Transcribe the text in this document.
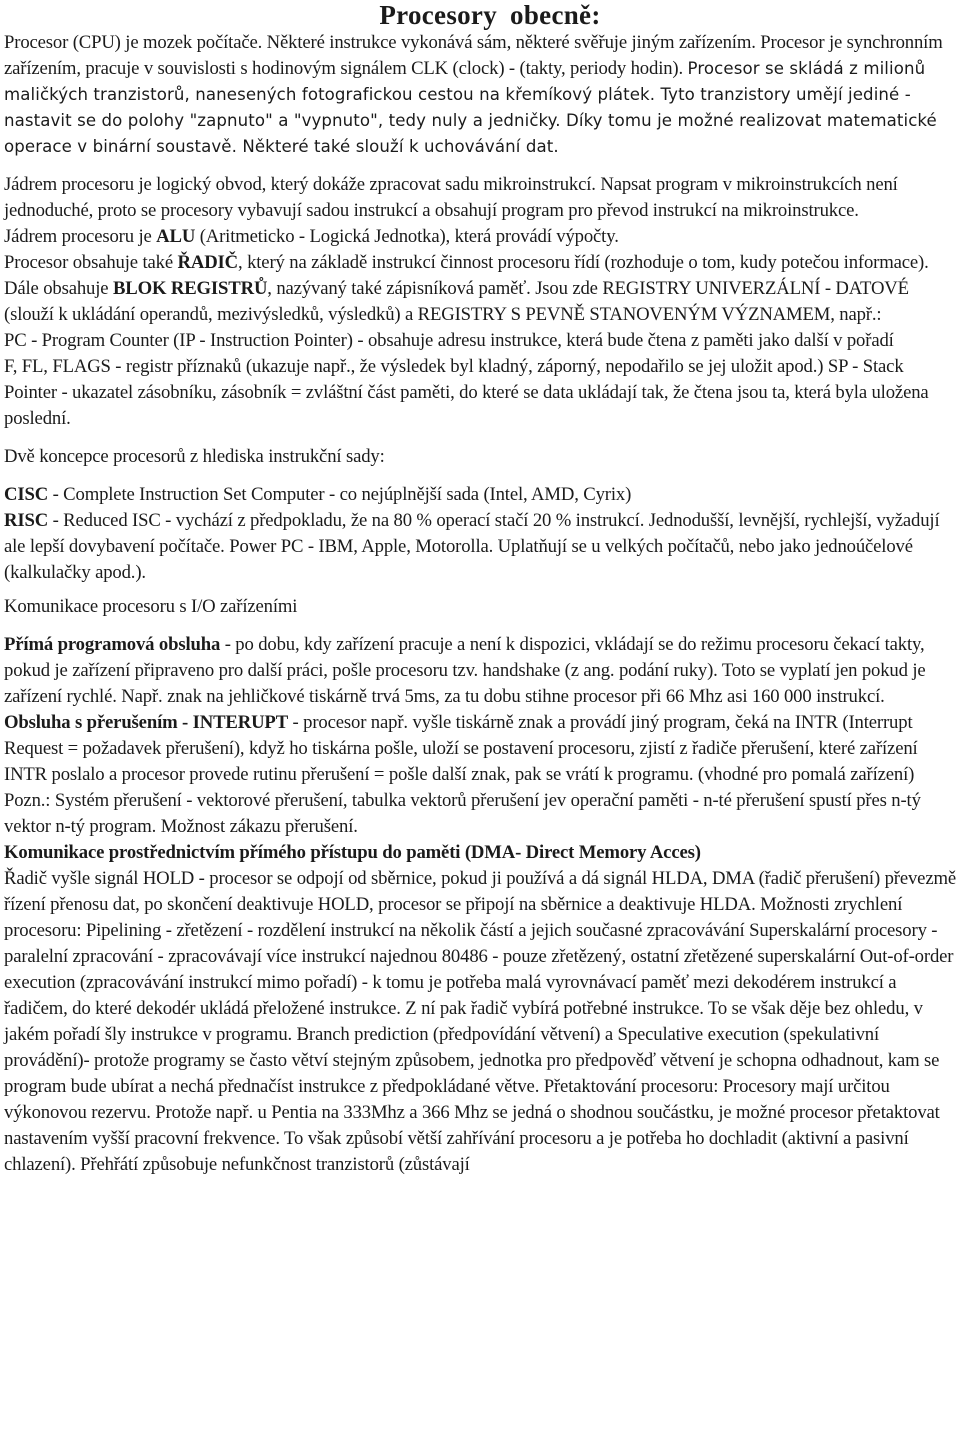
Procesory obecně:

Procesor (CPU) je mozek počítače. Některé instrukce vykonává sám, některé svěřuje jiným zařízením. Procesor je synchronním zařízením, pracuje v souvislosti s hodinovým signálem CLK (clock) - (takty, periody hodin). Procesor se skládá z milionů maličkých tranzistorů, nanesených fotografickou cestou na křemíkový plátek. Tyto tranzistory umějí jediné - nastavit se do polohy "zapnuto" a "vypnuto", tedy nuly a jedničky. Díky tomu je možné realizovat matematické operace v binární soustavě. Některé také slouží k uchovávání dat.

Jádrem procesoru je logický obvod, který dokáže zpracovat sadu mikroinstrukcí. Napsat program v mikroinstrukcích není jednoduché, proto se procesory vybavují sadou instrukcí a obsahují program pro převod instrukcí na mikroinstrukce.

Jádrem procesoru je ALU (Aritmeticko - Logická Jednotka), která provádí výpočty.

Procesor obsahuje také ŘADIČ, který na základě instrukcí činnost procesoru řídí (rozhoduje o tom, kudy potečou informace). Dále obsahuje BLOK REGISTRŮ, nazývaný také zápisníková paměť. Jsou zde REGISTRY UNIVERZÁLNÍ - DATOVÉ (slouží k ukládání operandů, mezivýsledků, výsledků) a REGISTRY S PEVNĚ STANOVENÝM VÝZNAMEM, např.:

PC - Program Counter (IP - Instruction Pointer) - obsahuje adresu instrukce, která bude čtena z paměti jako další v pořadí

F, FL, FLAGS - registr příznaků (ukazuje např., že výsledek byl kladný, záporný, nepodařilo se jej uložit apod.) SP - Stack Pointer - ukazatel zásobníku, zásobník = zvláštní část paměti, do které se data ukládají tak, že čtena jsou ta, která byla uložena poslední.

Dvě koncepce procesorů z hlediska instrukční sady:

CISC - Complete Instruction Set Computer - co nejúplnější sada (Intel, AMD, Cyrix)

RISC - Reduced ISC - vychází z předpokladu, že na 80 % operací stačí 20 % instrukcí. Jednodušší, levnější, rychlejší, vyžadují ale lepší dovybavení počítače. Power PC - IBM, Apple, Motorolla. Uplatňují se u velkých počítačů, nebo jako jednoúčelové (kalkulačky apod.).

Komunikace procesoru s I/O zařízeními

Přímá programová obsluha - po dobu, kdy zařízení pracuje a není k dispozici, vkládají se do režimu procesoru čekací takty, pokud je zařízení připraveno pro další práci, pošle procesoru tzv. handshake (z ang. podání ruky). Toto se vyplatí jen pokud je zařízení rychlé. Např. znak na jehličkové tiskárně trvá 5ms, za tu dobu stihne procesor při 66 Mhz asi 160 000 instrukcí.

Obsluha s přerušením - INTERUPT - procesor např. vyšle tiskárně znak a provádí jiný program, čeká na INTR (Interrupt Request = požadavek přerušení), když ho tiskárna pošle, uloží se postavení procesoru, zjistí z řadiče přerušení, které zařízení INTR poslalo a procesor provede rutinu přerušení = pošle další znak, pak se vrátí k programu. (vhodné pro pomalá zařízení)

Pozn.: Systém přerušení - vektorové přerušení, tabulka vektorů přerušení jev operační paměti - n-té přerušení spustí přes n-tý vektor n-tý program. Možnost zákazu přerušení.

Komunikace prostřednictvím přímého přístupu do paměti (DMA- Direct Memory Acces)

Řadič vyšle signál HOLD - procesor se odpojí od sběrnice, pokud ji používá a dá signál HLDA, DMA (řadič přerušení) převezmě řízení přenosu dat, po skončení deaktivuje HOLD, procesor se připojí na sběrnice a deaktivuje HLDA. Možnosti zrychlení procesoru: Pipelining - zřetězení - rozdělení instrukcí na několik částí a jejich současné zpracovávání Superskalární procesory - paralelní zpracování - zpracovávají více instrukcí najednou 80486 - pouze zřetězený, ostatní zřetězené superskalární Out-of-order execution (zpracovávání instrukcí mimo pořadí) - k tomu je potřeba malá vyrovnávací paměť mezi dekodérem instrukcí a řadičem, do které dekodér ukládá přeložené instrukce. Z ní pak řadič vybírá potřebné instrukce. To se však děje bez ohledu, v jakém pořadí šly instrukce v programu. Branch prediction (předpovídání větvení) a Speculative execution (spekulativní provádění)- protože programy se často větví stejným způsobem, jednotka pro předpověď větvení je schopna odhadnout, kam se program bude ubírat a nechá přednačíst instrukce z předpokládané větve. Přetaktování procesoru: Procesory mají určitou výkonovou rezervu. Protože např. u Pentia na 333Mhz a 366 Mhz se jedná o shodnou součástku, je možné procesor přetaktovat nastavením vyšší pracovní frekvence. To však způsobí větší zahřívání procesoru a je potřeba ho dochladit (aktivní a pasivní chlazení). Přehřátí způsobuje nefunkčnost tranzistorů (zůstávají
